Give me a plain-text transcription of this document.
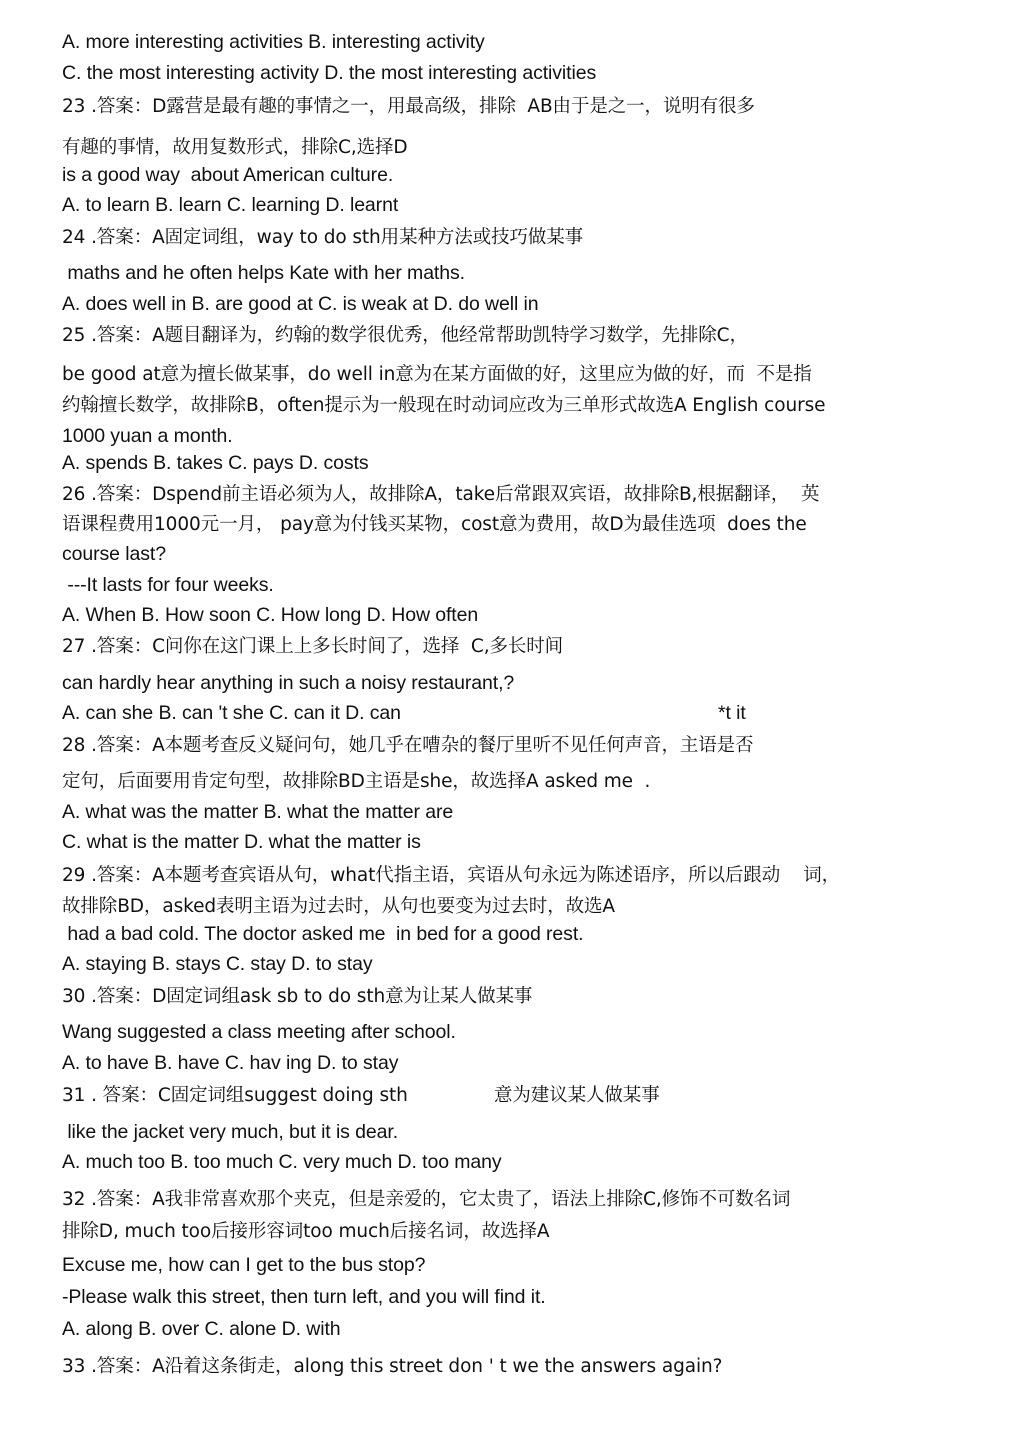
A. more interesting activities B. interesting activity
C. the most interesting activity D. the most interesting activities
23 .答案：D露营是最有趣的事情之一，用最高级，排除  AB由于是之一，说明有很多
有趣的事情，故用复数形式，排除C,选择D
is a good way  about American culture.
A. to learn B. learn C. learning D. learnt
24 .答案：A固定词组，way to do sth用某种方法或技巧做某事
maths and he often helps Kate with her maths.
A. does well in B. are good at C. is weak at D. do well in
25 .答案：A题目翻译为，约翰的数学很优秀，他经常帮助凯特学习数学，先排除C，
be good at意为擅长做某事，do well in意为在某方面做的好，这里应为做的好，而  不是指
约翰擅长数学，故排除B，often提示为一般现在时动词应改为三单形式故选A English course
1000 yuan a month.
A. spends B. takes C. pays D. costs
26 .答案：Dspend前主语必须为人，故排除A，take后常跟双宾语，故排除B,根据翻译，  英
语课程费用1000元一月， pay意为付钱买某物，cost意为费用，故D为最佳选项  does the
course last?
---It lasts for four weeks.
A. When B. How soon C. How long D. How often
27 .答案：C问你在这门课上上多长时间了，选择  C,多长时间
can hardly hear anything in such a noisy restaurant,?
A. can she B. can 't she C. can it D. can	*t it
28 .答案：A本题考查反义疑问句，她几乎在嘈杂的餐厅里听不见任何声音，主语是否
定句，后面要用肯定句型，故排除BD主语是she，故选择A asked me  .
A. what was the matter B. what the matter are
C. what is the matter D. what the matter is
29 .答案：A本题考查宾语从句，what代指主语，宾语从句永远为陈述语序，所以后跟动    词，
故排除BD，asked表明主语为过去时，从句也要变为过去时，故选A
had a bad cold. The doctor asked me  in bed for a good rest.
A. staying B. stays C. stay D. to stay
30 .答案：D固定词组ask sb to do sth意为让某人做某事
Wang suggested a class meeting after school.
A. to have B. have C. hav ing D. to stay
31 . 答案：C固定词组suggest doing sth	意为建议某人做某事
like the jacket very much, but it is dear.
A. much too B. too much C. very much D. too many
32 .答案：A我非常喜欢那个夹克，但是亲爱的，它太贵了，语法上排除C,修饰不可数名词
排除D, much too后接形容词too much后接名词，故选择A
Excuse me, how can I get to the bus stop?
-Please walk this street, then turn left, and you will find it.
A. along B. over C. alone D. with
33 .答案：A沿着这条街走，along this street don ' t we the answers again?
